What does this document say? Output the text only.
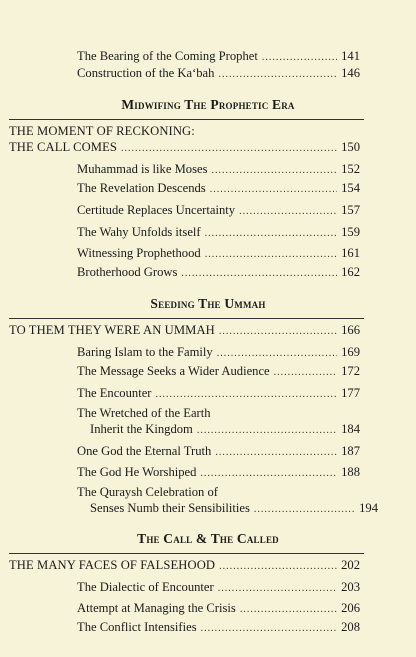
The Bearing of the Coming Prophet .....	141
Construction of the Ka‘bah .....	146
Midwifing The Prophetic Era
THE MOMENT OF RECKONING:
THE CALL COMES .....	150
Muhammad is like Moses .....	152
The Revelation Descends .....	154
Certitude Replaces Uncertainty .....	157
The Wahy Unfolds itself .....	159
Witnessing Prophethood .....	161
Brotherhood Grows .....	162
Seeding The Ummah
TO THEM THEY WERE AN UMMAH .....	166
Baring Islam to the Family .....	169
The Message Seeks a Wider Audience .....	172
The Encounter .....	177
The Wretched of the Earth
Inherit the Kingdom .....	184
One God the Eternal Truth .....	187
The God He Worshiped .....	188
The Quraysh Celebration of
Senses Numb their Sensibilities .....	194
The Call & The Called
THE MANY FACES OF FALSEHOOD .....	202
The Dialectic of Encounter .....	203
Attempt at Managing the Crisis .....	206
The Conflict Intensifies .....	208
